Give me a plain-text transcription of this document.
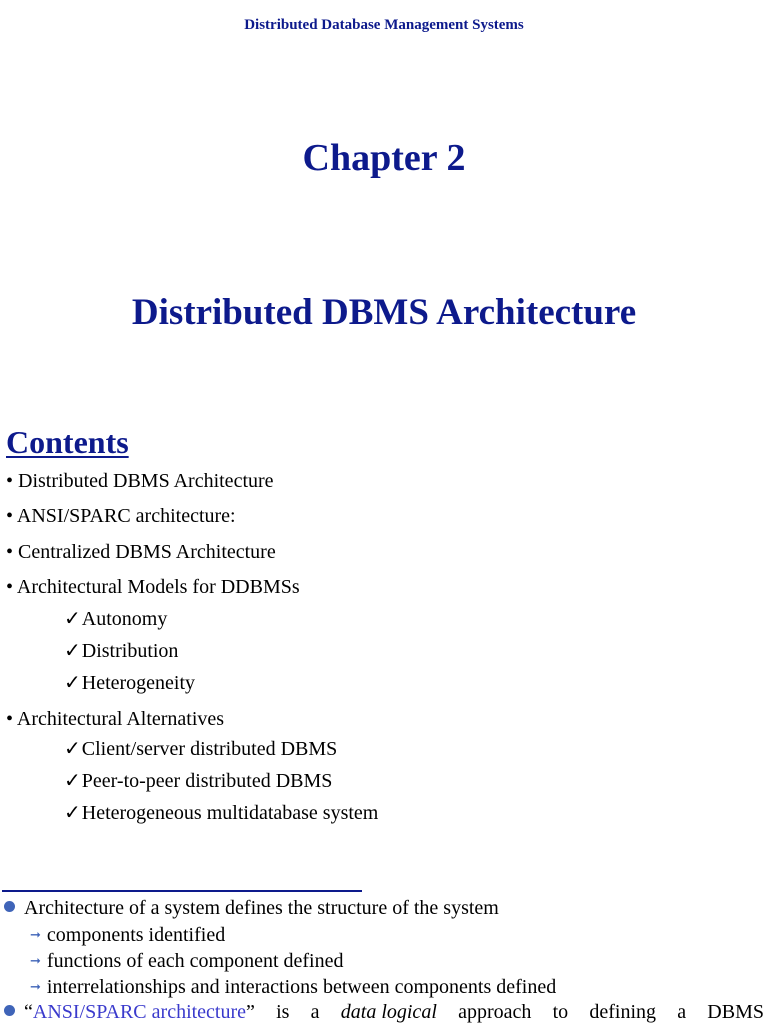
Distributed Database Management Systems
Chapter 2
Distributed DBMS Architecture
Contents
• Distributed DBMS Architecture
• ANSI/SPARC architecture:
• Centralized DBMS Architecture
• Architectural Models for DDBMSs
✓Autonomy
✓Distribution
✓Heterogeneity
• Architectural Alternatives
✓Client/server distributed DBMS
✓Peer-to-peer distributed DBMS
✓Heterogeneous multidatabase system
Architecture of a system defines the structure of the system
➞ components identified
➞ functions of each component defined
➞ interrelationships and interactions between components defined
“ANSI/SPARC architecture” is a data logical approach to defining a DBMS
